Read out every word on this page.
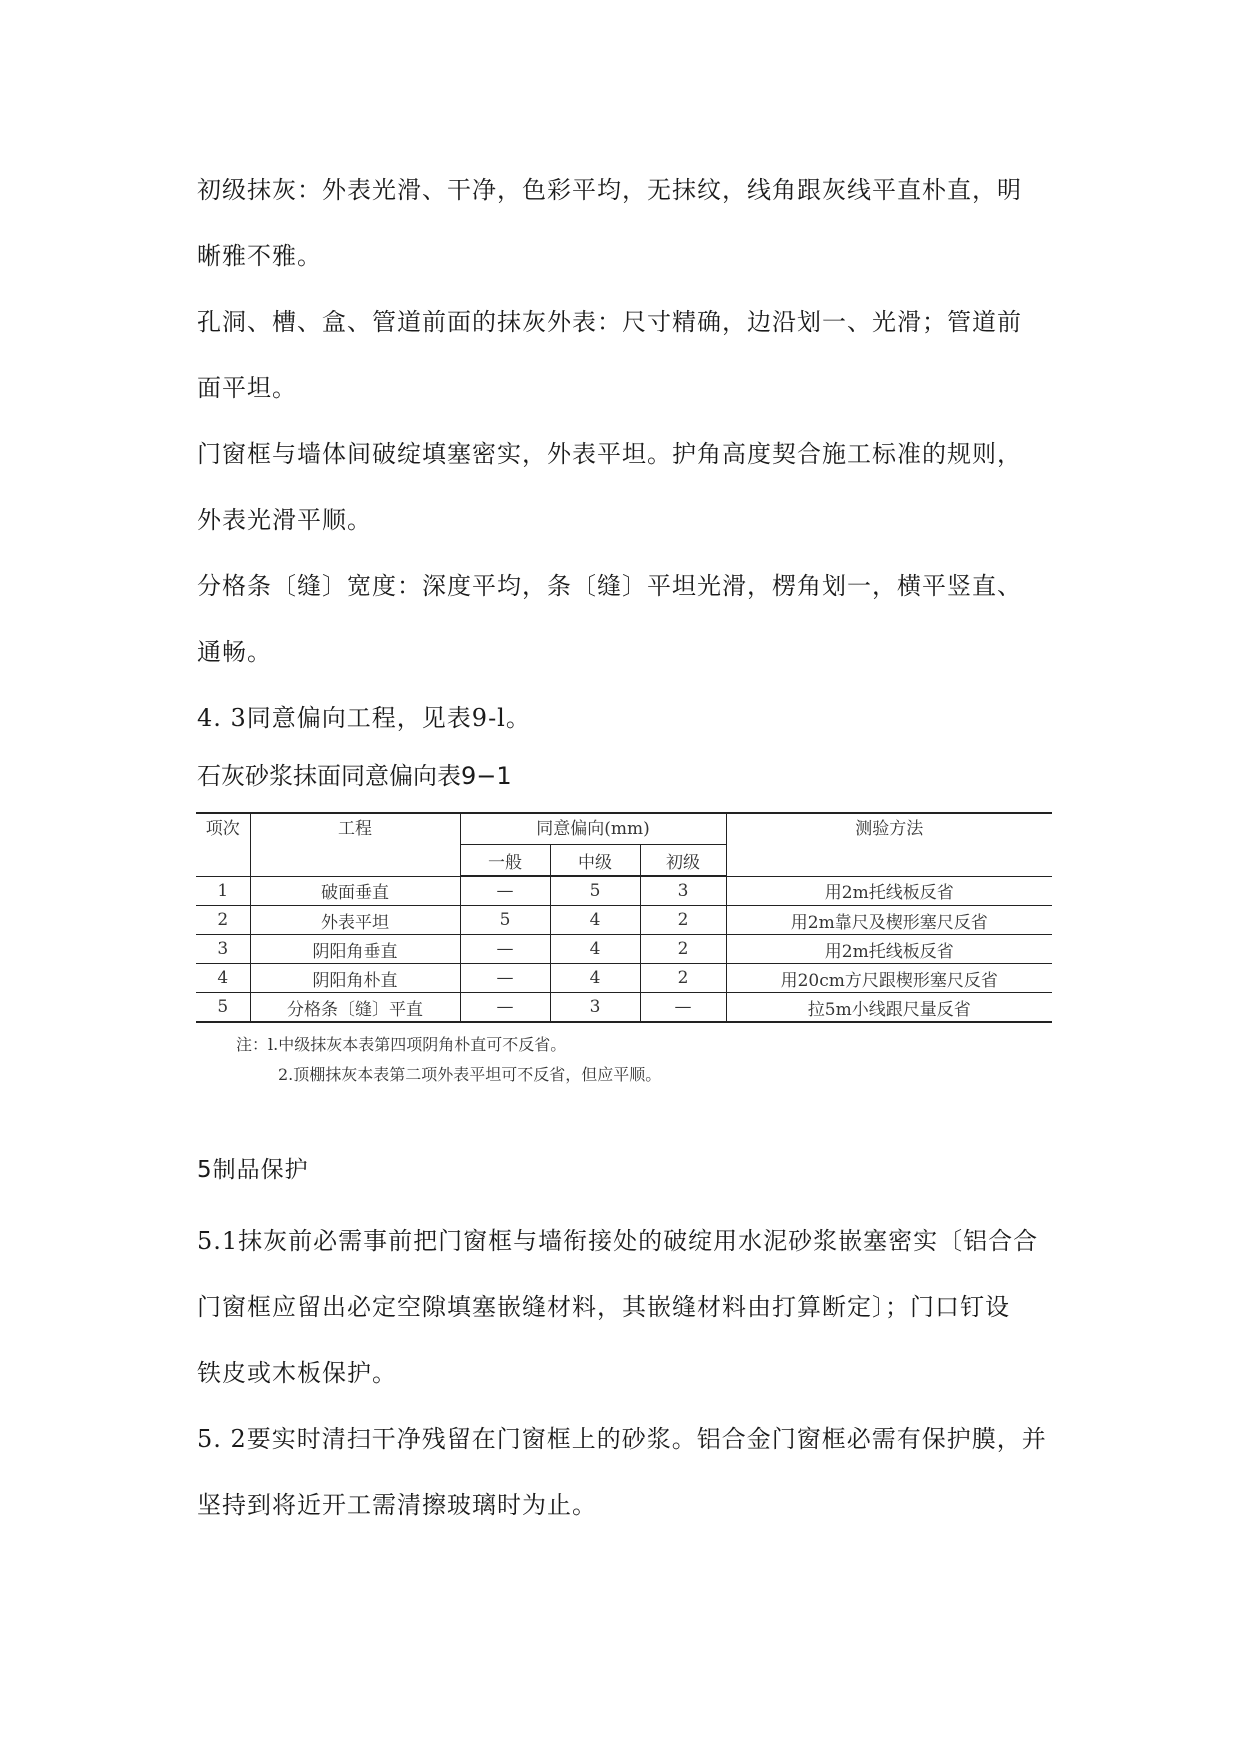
初级抹灰：外表光滑、干净，色彩平均，无抹纹，线角跟灰线平直朴直，明
晰雅不雅。
孔洞、槽、盒、管道前面的抹灰外表：尺寸精确，边沿划一、光滑；管道前
面平坦。
门窗框与墙体间破绽填塞密实，外表平坦。护角高度契合施工标准的规则，
外表光滑平顺。
分格条〔缝〕宽度：深度平均，条〔缝〕平坦光滑，楞角划一，横平竖直、
通畅。
4. 3同意偏向工程，见表9-l。
石灰砂浆抹面同意偏向表9−1
项次	工程	同意偏向(mm)			测验方法
		一般	中级	初级	
1	破面垂直	—	5	3	用2m托线板反省
2	外表平坦	5	4	2	用2m靠尺及楔形塞尺反省
3	阴阳角垂直	—	4	2	用2m托线板反省
4	阴阳角朴直	—	4	2	用20cm方尺跟楔形塞尺反省
5	分格条〔缝〕平直	—	3	—	拉5m小线跟尺量反省
注：l.中级抹灰本表第四项阴角朴直可不反省。
2.顶棚抹灰本表第二项外表平坦可不反省，但应平顺。
5制品保护
5.1抹灰前必需事前把门窗框与墙衔接处的破绽用水泥砂浆嵌塞密实〔铝合合
门窗框应留出必定空隙填塞嵌缝材料，其嵌缝材料由打算断定〕；门口钉设
铁皮或木板保护。
5. 2要实时清扫干净残留在门窗框上的砂浆。铝合金门窗框必需有保护膜，并
坚持到将近开工需清擦玻璃时为止。
